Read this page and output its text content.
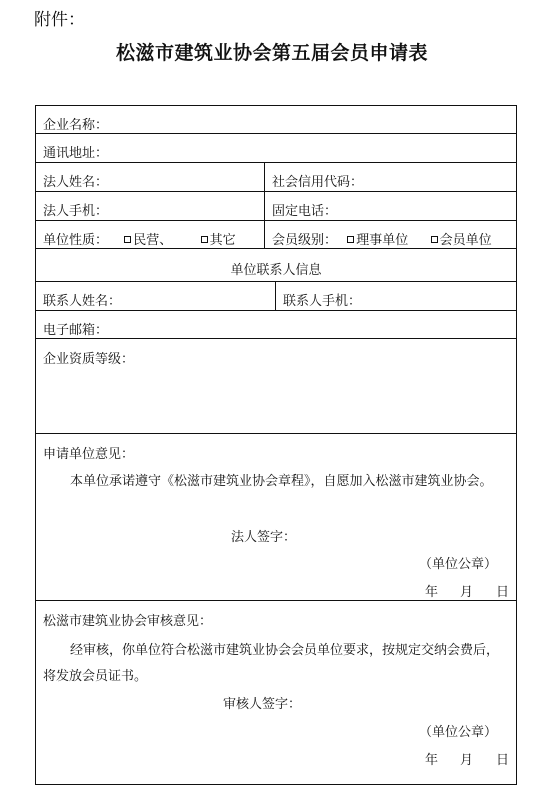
附件：
松滋市建筑业协会第五届会员申请表
企业名称：
通讯地址：
法人姓名：	社会信用代码：
法人手机：	固定电话：
单位性质： 民营、	其它	会员级别： 理事单位 会员单位
单位联系人信息
联系人姓名：	联系人手机：
电子邮箱：
企业资质等级：
申请单位意见：
本单位承诺遵守《松滋市建筑业协会章程》，自愿加入松滋市建筑业协会。
法人签字：
（单位公章）
年 月 日
松滋市建筑业协会审核意见：
经审核，你单位符合松滋市建筑业协会会员单位要求，按规定交纳会费后，
将发放会员证书。
审核人签字：
（单位公章）
年 月 日
